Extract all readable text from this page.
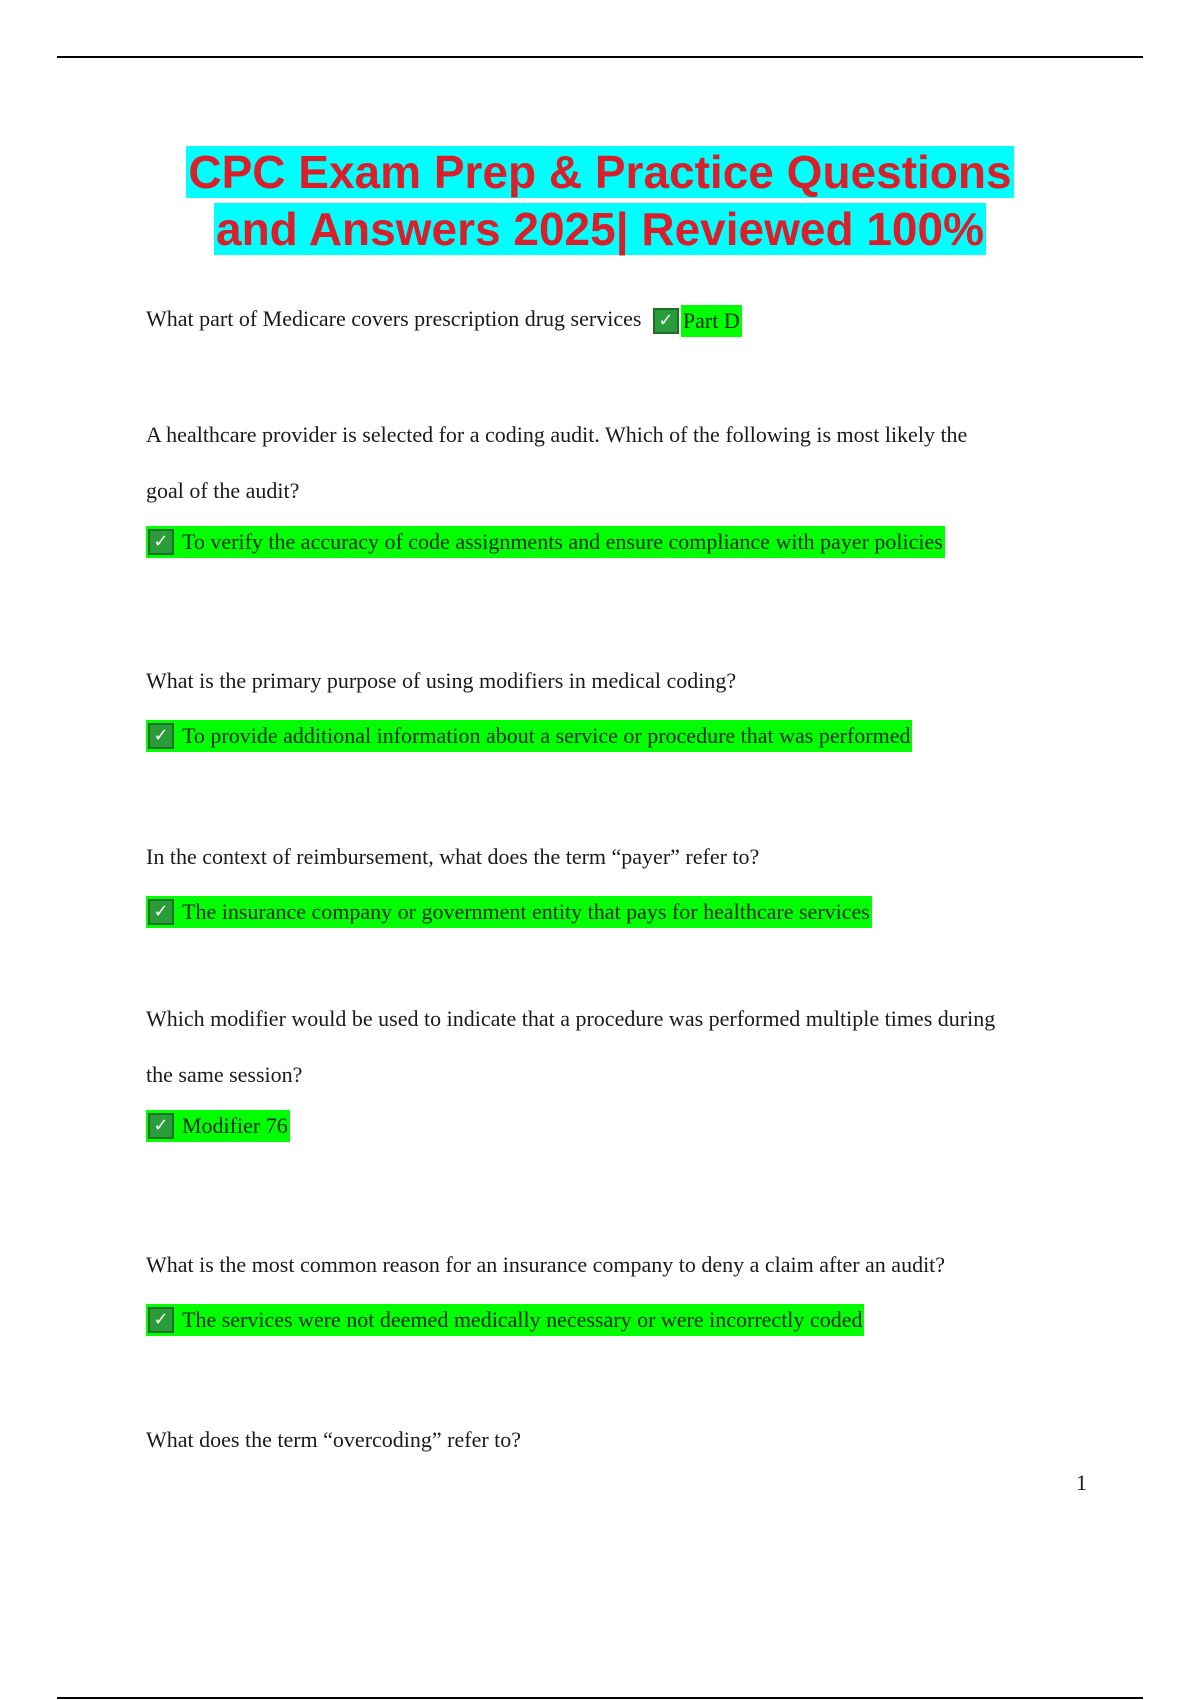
CPC Exam Prep & Practice Questions
and Answers 2025| Reviewed 100%

What part of Medicare covers prescription drug services ✓ Part D

A healthcare provider is selected for a coding audit. Which of the following is most likely the
goal of the audit?

✓ To verify the accuracy of code assignments and ensure compliance with payer policies

What is the primary purpose of using modifiers in medical coding?

✓ To provide additional information about a service or procedure that was performed

In the context of reimbursement, what does the term “payer” refer to?

✓ The insurance company or government entity that pays for healthcare services

Which modifier would be used to indicate that a procedure was performed multiple times during
the same session?

✓ Modifier 76

What is the most common reason for an insurance company to deny a claim after an audit?

✓ The services were not deemed medically necessary or were incorrectly coded

What does the term “overcoding” refer to?

1
